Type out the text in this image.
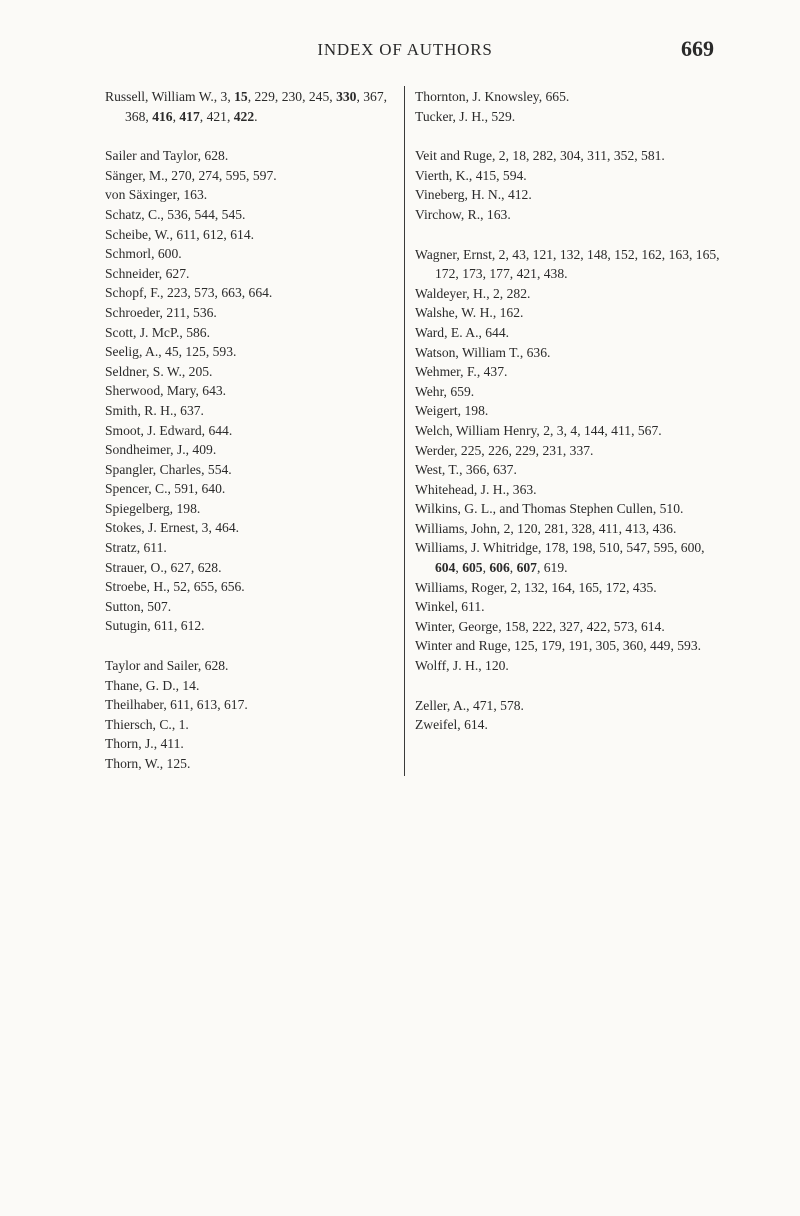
INDEX OF AUTHORS	669
Russell, William W., 3, 15, 229, 230, 245, 330, 367, 368, 416, 417, 421, 422.
Sailer and Taylor, 628.
Sänger, M., 270, 274, 595, 597.
von Säxinger, 163.
Schatz, C., 536, 544, 545.
Scheibe, W., 611, 612, 614.
Schmorl, 600.
Schneider, 627.
Schopf, F., 223, 573, 663, 664.
Schroeder, 211, 536.
Scott, J. McP., 586.
Seelig, A., 45, 125, 593.
Seldner, S. W., 205.
Sherwood, Mary, 643.
Smith, R. H., 637.
Smoot, J. Edward, 644.
Sondheimer, J., 409.
Spangler, Charles, 554.
Spencer, C., 591, 640.
Spiegelberg, 198.
Stokes, J. Ernest, 3, 464.
Stratz, 611.
Strauer, O., 627, 628.
Stroebe, H., 52, 655, 656.
Sutton, 507.
Sutugin, 611, 612.
Taylor and Sailer, 628.
Thane, G. D., 14.
Theilhaber, 611, 613, 617.
Thiersch, C., 1.
Thorn, J., 411.
Thorn, W., 125.
Thornton, J. Knowsley, 665.
Tucker, J. H., 529.
Veit and Ruge, 2, 18, 282, 304, 311, 352, 581.
Vierth, K., 415, 594.
Vineberg, H. N., 412.
Virchow, R., 163.
Wagner, Ernst, 2, 43, 121, 132, 148, 152, 162, 163, 165, 172, 173, 177, 421, 438.
Waldeyer, H., 2, 282.
Walshe, W. H., 162.
Ward, E. A., 644.
Watson, William T., 636.
Wehmer, F., 437.
Wehr, 659.
Weigert, 198.
Welch, William Henry, 2, 3, 4, 144, 411, 567.
Werder, 225, 226, 229, 231, 337.
West, T., 366, 637.
Whitehead, J. H., 363.
Wilkins, G. L., and Thomas Stephen Cullen, 510.
Williams, John, 2, 120, 281, 328, 411, 413, 436.
Williams, J. Whitridge, 178, 198, 510, 547, 595, 600, 604, 605, 606, 607, 619.
Williams, Roger, 2, 132, 164, 165, 172, 435.
Winkel, 611.
Winter, George, 158, 222, 327, 422, 573, 614.
Winter and Ruge, 125, 179, 191, 305, 360, 449, 593.
Wolff, J. H., 120.
Zeller, A., 471, 578.
Zweifel, 614.
